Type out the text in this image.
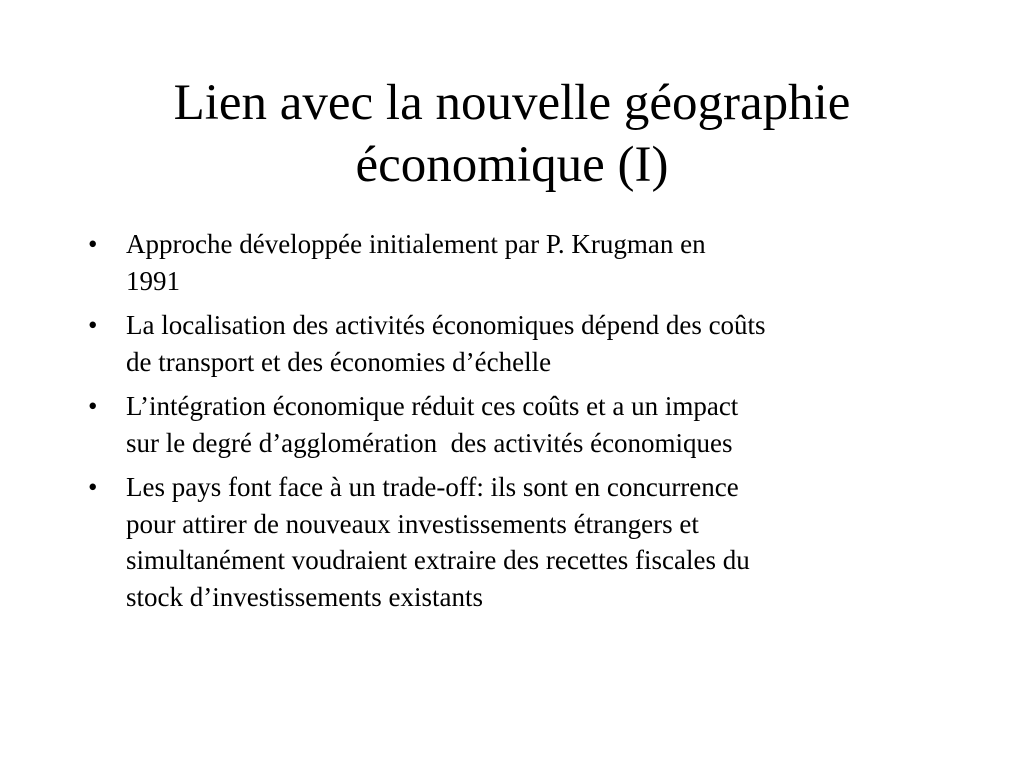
Lien avec la nouvelle géographie
économique (I)
• Approche développée initialement par P. Krugman en
1991
• La localisation des activités économiques dépend des coûts
de transport et des économies d’échelle
• L’intégration économique réduit ces coûts et a un impact
sur le degré d’agglomération  des activités économiques
• Les pays font face à un trade-off: ils sont en concurrence
pour attirer de nouveaux investissements étrangers et
simultanément voudraient extraire des recettes fiscales du
stock d’investissements existants
